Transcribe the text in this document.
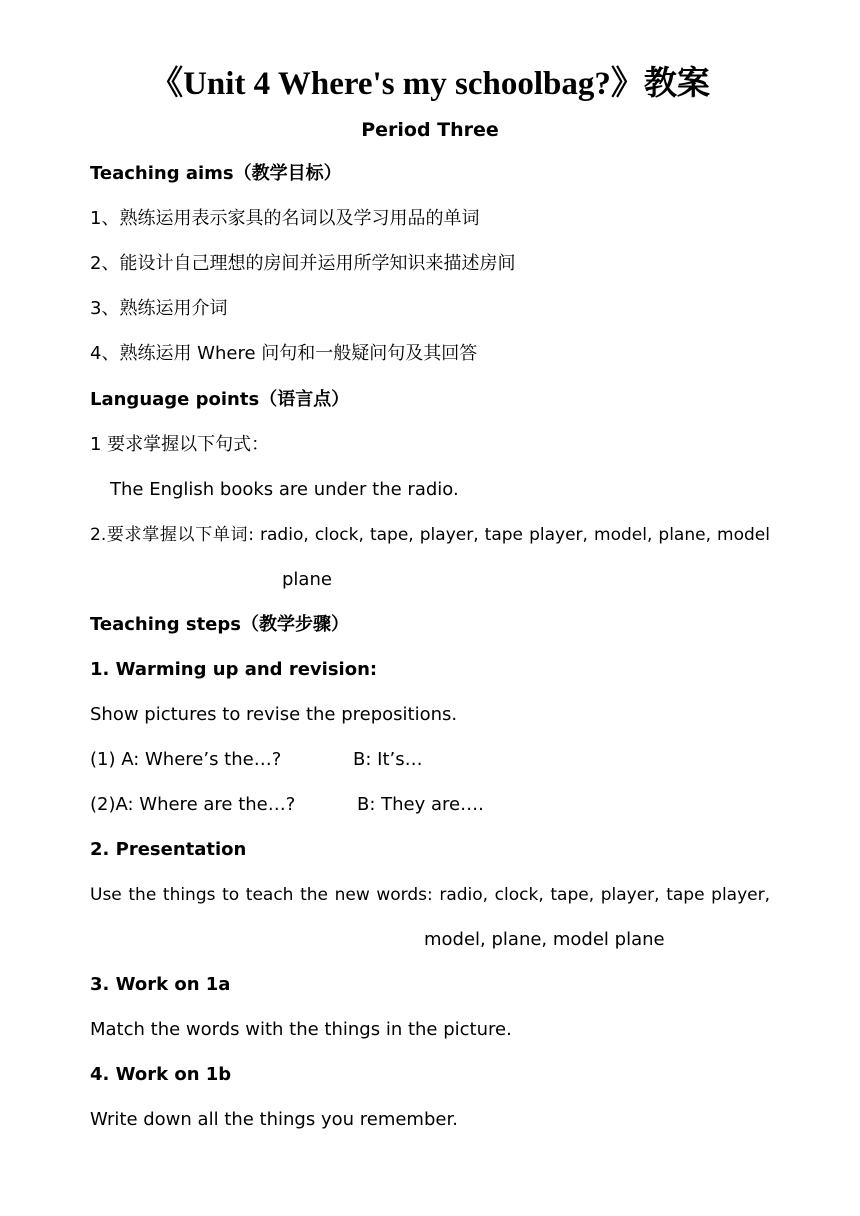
《Unit 4 Where's my schoolbag?》教案
Period Three
Teaching aims（教学目标）
1、熟练运用表示家具的名词以及学习用品的单词
2、能设计自己理想的房间并运用所学知识来描述房间
3、熟练运用介词
4、熟练运用 Where 问句和一般疑问句及其回答
Language points（语言点）
1 要求掌握以下句式：
The English books are under the radio.
2.要求掌握以下单词: radio, clock, tape, player, tape player, model, plane, model
plane
Teaching steps（教学步骤）
1. Warming up and revision:
Show pictures to revise the prepositions.
(1) A: Where’s the…?	B: It’s…
(2)A: Where are the…?	B: They are….
2. Presentation
Use the things to teach the new words: radio, clock, tape, player, tape player,
model, plane, model plane
3. Work on 1a
Match the words with the things in the picture.
4. Work on 1b
Write down all the things you remember.
